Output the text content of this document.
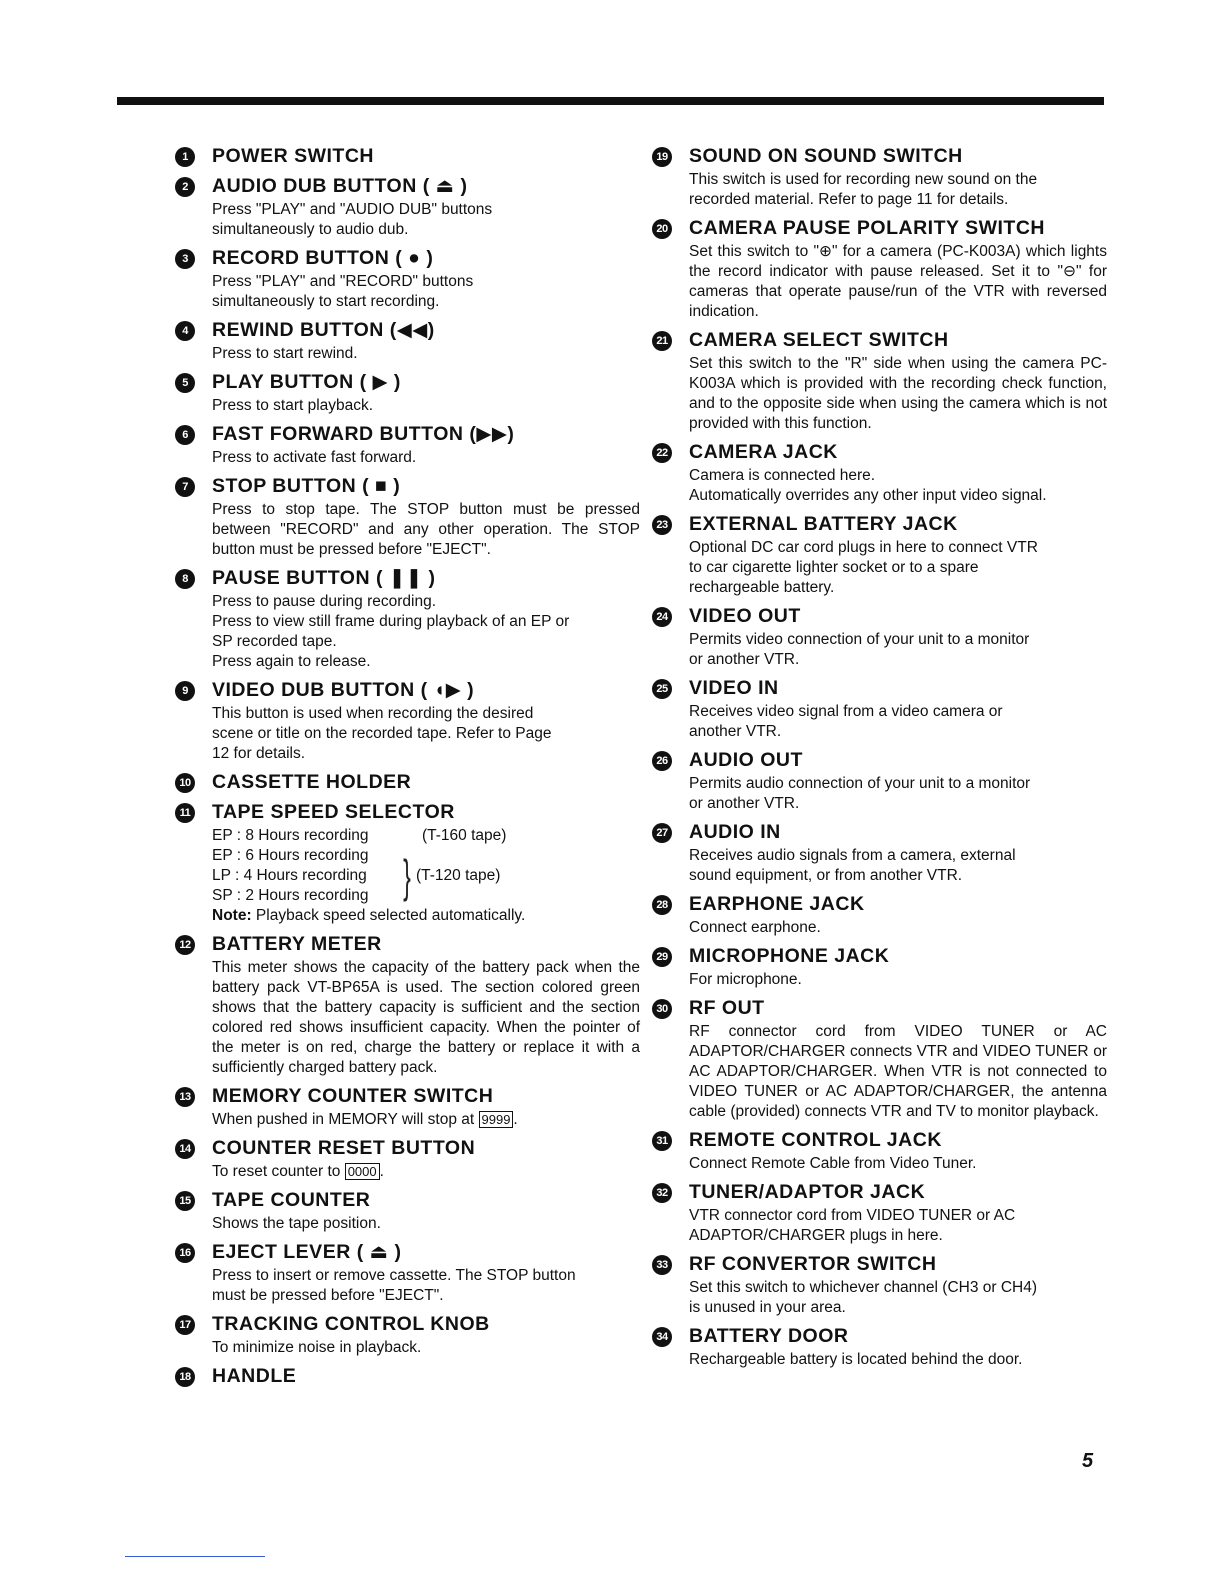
1	POWER SWITCH
2	AUDIO DUB BUTTON ( ⏏ )
Press "PLAY" and "AUDIO DUB" buttons
simultaneously to audio dub.
3	RECORD BUTTON ( ● )
Press "PLAY" and "RECORD" buttons
simultaneously to start recording.
4	REWIND BUTTON (◀◀)
Press to start rewind.
5	PLAY BUTTON ( ▶ )
Press to start playback.
6	FAST FORWARD BUTTON (▶▶)
Press to activate fast forward.
7	STOP BUTTON ( ■ )
Press to stop tape. The STOP button must be pressed between "RECORD" and any other operation. The STOP button must be pressed before "EJECT".
8	PAUSE BUTTON ( ❚❚ )
Press to pause during recording.
Press to view still frame during playback of an EP or
SP recorded tape.
Press again to release.
9	VIDEO DUB BUTTON ( ◖▶ )
This button is used when recording the desired
scene or title on the recorded tape. Refer to Page
12 for details.
10 CASSETTE HOLDER
11 TAPE SPEED SELECTOR
EP : 8 Hours recording	(T-160 tape)
EP : 6 Hours recording
LP : 4 Hours recording
SP : 2 Hours recording } (T-120 tape)
Note: Playback speed selected automatically.
12 BATTERY METER
This meter shows the capacity of the battery pack when the battery pack VT-BP65A is used. The section colored green shows that the battery capacity is sufficient and the section colored red shows insufficient capacity. When the pointer of the meter is on red, charge the battery or replace it with a sufficiently charged battery pack.
13 MEMORY COUNTER SWITCH
When pushed in MEMORY will stop at 9999 .
14 COUNTER RESET BUTTON
To reset counter to 0000 .
15 TAPE COUNTER
Shows the tape position.
16 EJECT LEVER ( ⏏ )
Press to insert or remove cassette. The STOP button
must be pressed before "EJECT".
17 TRACKING CONTROL KNOB
To minimize noise in playback.
18 HANDLE
19 SOUND ON SOUND SWITCH
This switch is used for recording new sound on the
recorded material. Refer to page 11 for details.
20 CAMERA PAUSE POLARITY SWITCH
Set this switch to "⊕" for a camera (PC-K003A) which lights the record indicator with pause released. Set it to "⊖" for cameras that operate pause/run of the VTR with reversed indication.
21 CAMERA SELECT SWITCH
Set this switch to the "R" side when using the camera PC-K003A which is provided with the recording check function, and to the opposite side when using the camera which is not provided with this function.
22 CAMERA JACK
Camera is connected here.
Automatically overrides any other input video signal.
23 EXTERNAL BATTERY JACK
Optional DC car cord plugs in here to connect VTR
to car cigarette lighter socket or to a spare
rechargeable battery.
24 VIDEO OUT
Permits video connection of your unit to a monitor
or another VTR.
25 VIDEO IN
Receives video signal from a video camera or
another VTR.
26 AUDIO OUT
Permits audio connection of your unit to a monitor
or another VTR.
27 AUDIO IN
Receives audio signals from a camera, external
sound equipment, or from another VTR.
28 EARPHONE JACK
Connect earphone.
29 MICROPHONE JACK
For microphone.
30 RF OUT
RF connector cord from VIDEO TUNER or AC ADAPTOR/CHARGER connects VTR and VIDEO TUNER or AC ADAPTOR/CHARGER. When VTR is not connected to VIDEO TUNER or AC ADAPTOR/CHARGER, the antenna cable (provided) connects VTR and TV to monitor playback.
31 REMOTE CONTROL JACK
Connect Remote Cable from Video Tuner.
32 TUNER/ADAPTOR JACK
VTR connector cord from VIDEO TUNER or AC
ADAPTOR/CHARGER plugs in here.
33 RF CONVERTOR SWITCH
Set this switch to whichever channel (CH3 or CH4)
is unused in your area.
34 BATTERY DOOR
Rechargeable battery is located behind the door.
5
